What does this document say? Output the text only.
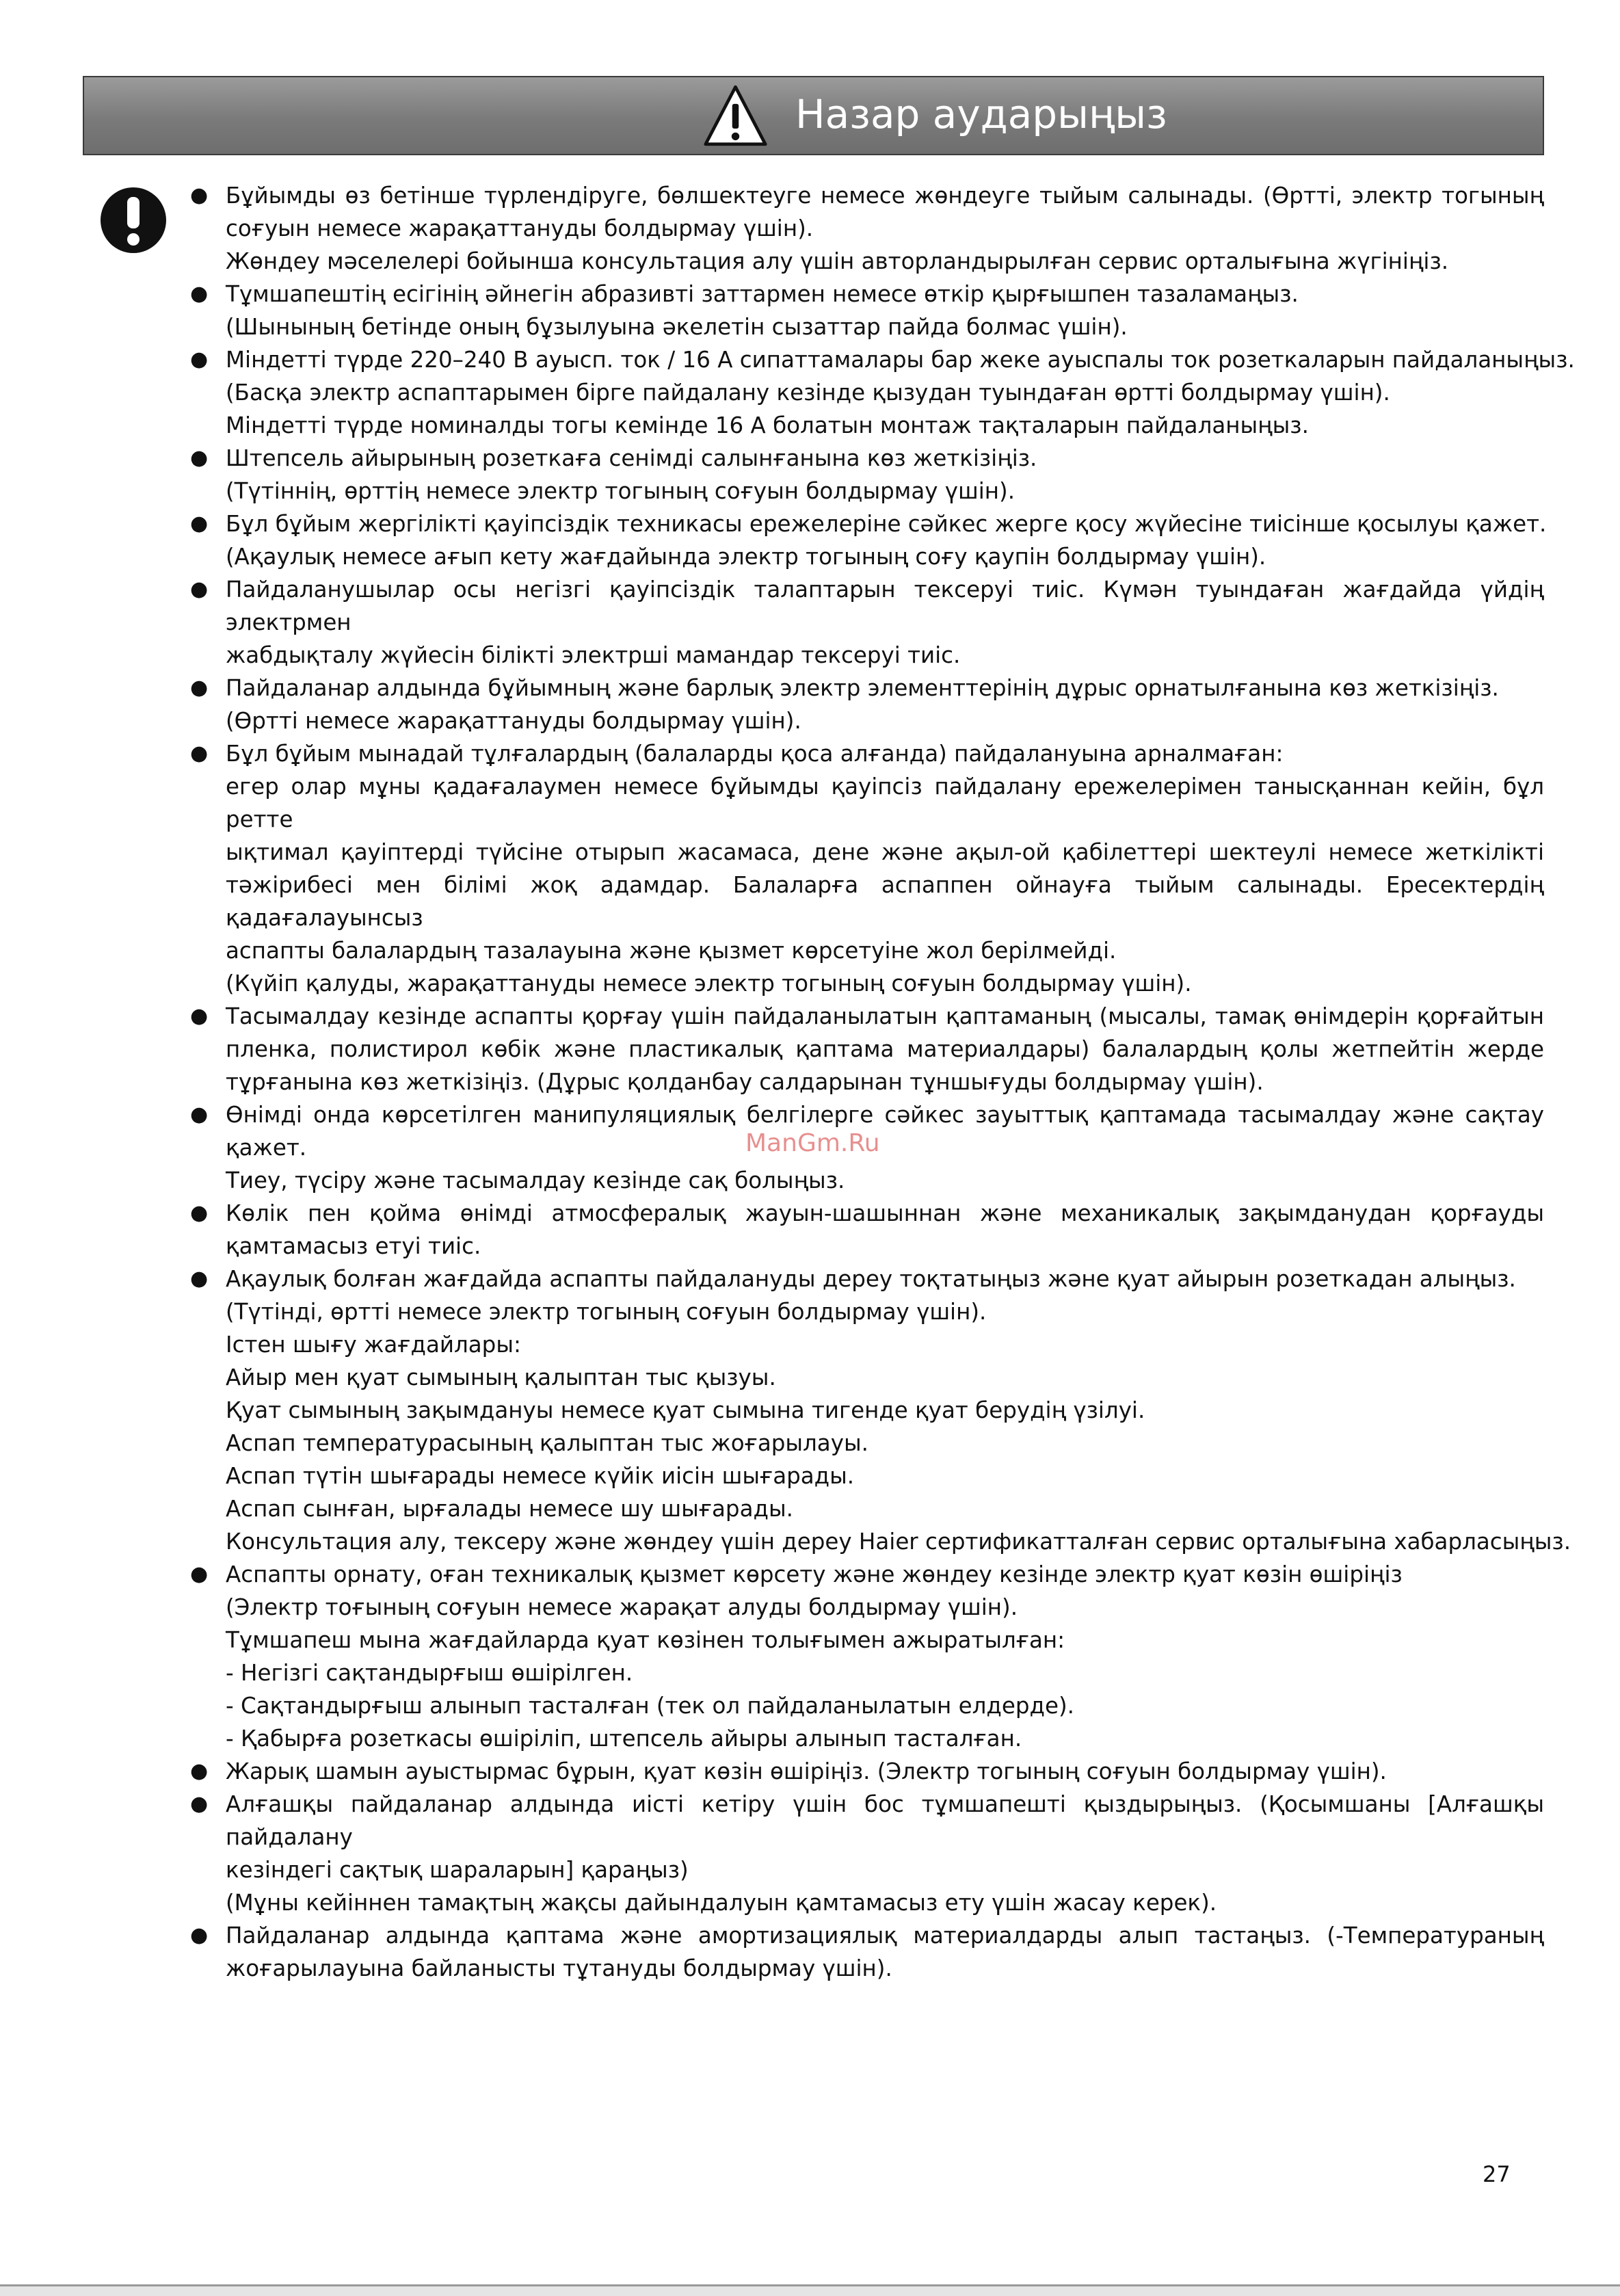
Назар аударыңыз
● Бұйымды өз бетінше түрлендіруге, бөлшектеуге немесе жөндеуге тыйым салынады. (Өртті, электр тогының
соғуын немесе жарақаттануды болдырмау үшін).
Жөндеу мәселелері бойынша консультация алу үшін авторландырылған сервис орталығына жүгініңіз.
● Тұмшапештің есігінің әйнегін абразивті заттармен немесе өткір қырғышпен тазаламаңыз.
(Шынының бетінде оның бұзылуына әкелетін сызаттар пайда болмас үшін).
● Міндетті түрде 220–240 В ауысп. ток / 16 А сипаттамалары бар жеке ауыспалы ток розеткаларын пайдаланыңыз.
(Басқа электр аспаптарымен бірге пайдалану кезінде қызудан туындаған өртті болдырмау үшін).
Міндетті түрде номиналды тогы кемінде 16 А болатын монтаж тақталарын пайдаланыңыз.
● Штепсель айырының розеткаға сенімді салынғанына көз жеткізіңіз.
(Түтіннің, өрттің немесе электр тогының соғуын болдырмау үшін).
● Бұл бұйым жергілікті қауіпсіздік техникасы ережелеріне сәйкес жерге қосу жүйесіне тиісінше қосылуы қажет.
(Ақаулық немесе ағып кету жағдайында электр тогының соғу қаупін болдырмау үшін).
● Пайдаланушылар осы негізгі қауіпсіздік талаптарын тексеруі тиіс. Күмән туындаған жағдайда үйдің электрмен
жабдықталу жүйесін білікті электрші мамандар тексеруі тиіс.
● Пайдаланар алдында бұйымның және барлық электр элементтерінің дұрыс орнатылғанына көз жеткізіңіз.
(Өртті немесе жарақаттануды болдырмау үшін).
● Бұл бұйым мынадай тұлғалардың (балаларды қоса алғанда) пайдалануына арналмаған:
егер олар мұны қадағалаумен немесе бұйымды қауіпсіз пайдалану ережелерімен танысқаннан кейін, бұл ретте
ықтимал қауіптерді түйсіне отырып жасамаса, дене және ақыл-ой қабілеттері шектеулі немесе жеткілікті
тәжірибесі мен білімі жоқ адамдар. Балаларға аспаппен ойнауға тыйым салынады. Ересектердің қадағалауынсыз
аспапты балалардың тазалауына және қызмет көрсетуіне жол берілмейді.
(Күйіп қалуды, жарақаттануды немесе электр тогының соғуын болдырмау үшін).
● Тасымалдау кезінде аспапты қорғау үшін пайдаланылатын қаптаманың (мысалы, тамақ өнімдерін қорғайтын
пленка, полистирол көбік және пластикалық қаптама материалдары) балалардың қолы жетпейтін жерде
тұрғанына көз жеткізіңіз. (Дұрыс қолданбау салдарынан тұншығуды болдырмау үшін).
● Өнімді онда көрсетілген манипуляциялық белгілерге сәйкес зауыттық қаптамада тасымалдау және сақтау қажет.
Тиеу, түсіру және тасымалдау кезінде сақ болыңыз.
● Көлік пен қойма өнімді атмосфералық жауын-шашыннан және механикалық зақымданудан қорғауды
қамтамасыз етуі тиіс.
● Ақаулық болған жағдайда аспапты пайдалануды дереу тоқтатыңыз және қуат айырын розеткадан алыңыз.
(Түтінді, өртті немесе электр тогының соғуын болдырмау үшін).
Істен шығу жағдайлары:
Айыр мен қуат сымының қалыптан тыс қызуы.
Қуат сымының зақымдануы немесе қуат сымына тигенде қуат берудің үзілуі.
Аспап температурасының қалыптан тыс жоғарылауы.
Аспап түтін шығарады немесе күйік иісін шығарады.
Аспап сынған, ырғалады немесе шу шығарады.
Консультация алу, тексеру және жөндеу үшін дереу Haier сертификатталған сервис орталығына хабарласыңыз.
● Аспапты орнату, оған техникалық қызмет көрсету және жөндеу кезінде электр қуат көзін өшіріңіз
(Электр тоғының соғуын немесе жарақат алуды болдырмау үшін).
Тұмшапеш мына жағдайларда қуат көзінен толығымен ажыратылған:
- Негізгі сақтандырғыш өшірілген.
- Сақтандырғыш алынып тасталған (тек ол пайдаланылатын елдерде).
- Қабырға розеткасы өшіріліп, штепсель айыры алынып тасталған.
● Жарық шамын ауыстырмас бұрын, қуат көзін өшіріңіз. (Электр тогының соғуын болдырмау үшін).
● Алғашқы пайдаланар алдында иісті кетіру үшін бос тұмшапешті қыздырыңыз. (Қосымшаны [Алғашқы пайдалану
кезіндегі сақтық шараларын] қараңыз)
(Мұны кейіннен тамақтың жақсы дайындалуын қамтамасыз ету үшін жасау керек).
● Пайдаланар алдында қаптама және амортизациялық материалдарды алып тастаңыз. (-Температураның
жоғарылауына байланысты тұтануды болдырмау үшін).
ManGm.Ru
27
